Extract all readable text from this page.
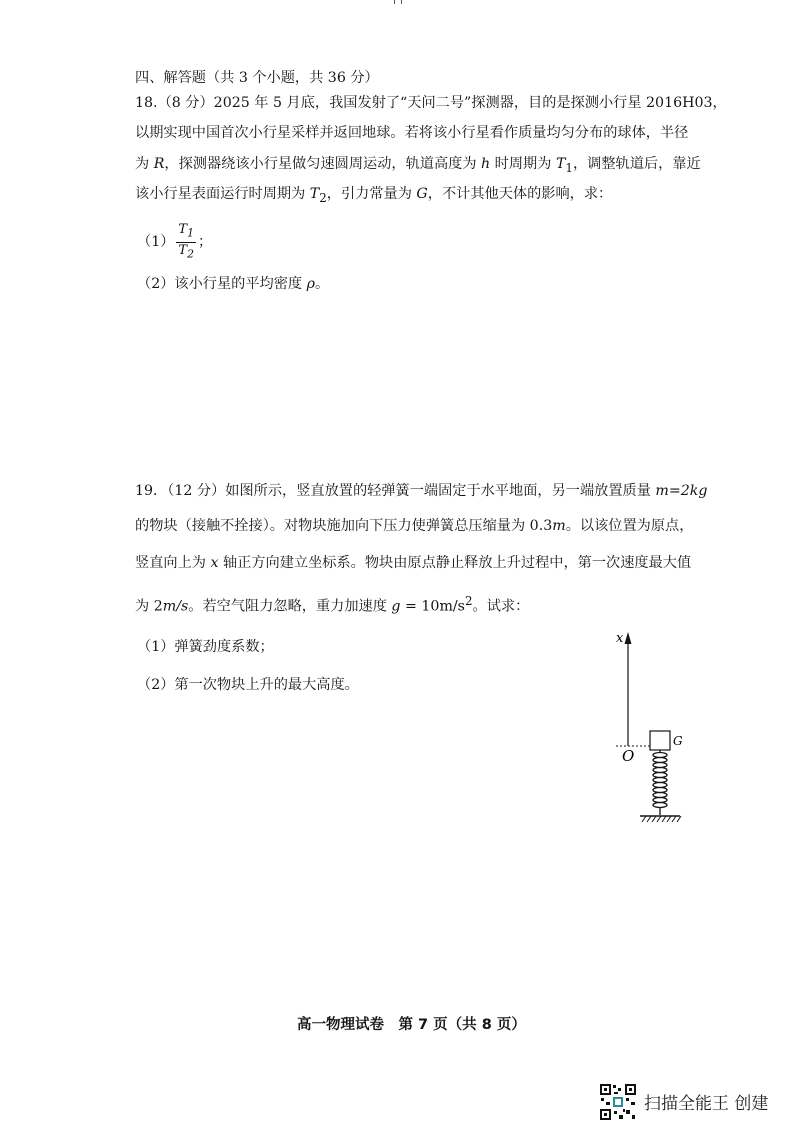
四、解答题（共 3 个小题，共 36 分）
18.（8 分）2025 年 5 月底，我国发射了“天问二号”探测器，目的是探测小行星 2016H03，
以期实现中国首次小行星采样并返回地球。若将该小行星看作质量均匀分布的球体，半径
为 R，探测器绕该小行星做匀速圆周运动，轨道高度为 h 时周期为 $T_1$，调整轨道后，靠近
该小行星表面运行时周期为 $T_2$，引力常量为 G，不计其他天体的影响，求：
$(1) \frac{T_1}{T_2}$ ；
（2）该小行星的平均密度 ρ。
19．（12 分）如图所示，竖直放置的轻弹簧一端固定于水平地面，另一端放置质量 m=2kg
的物块（接触不拴接）。对物块施加向下压力使弹簧总压缩量为 0.3m。以该位置为原点，
竖直向上为 x 轴正方向建立坐标系。物块由原点静止释放上升过程中，第一次速度最大值
为 2m/s。若空气阻力忽略，重力加速度 $g = 10m/s^2$。试求：
（1）弹簧劲度系数；
（2）第一次物块上升的最大高度。
x
O
G
高一物理试卷　第 7 页（共 8 页）
扫描全能王 创建
